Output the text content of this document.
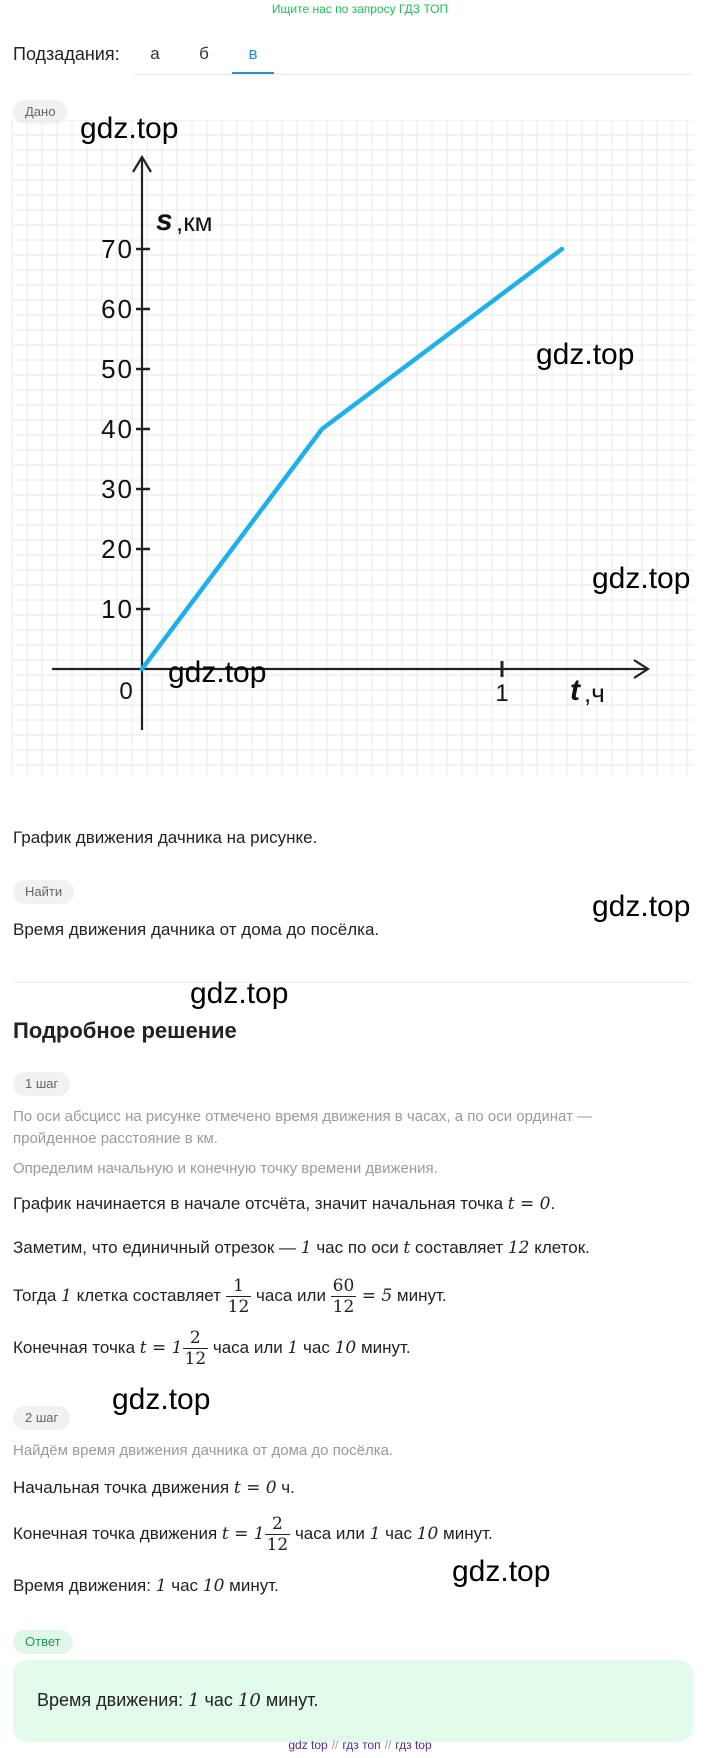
Ищите нас по запросу ГДЗ ТОП
Подзадания:	а	б	в
Дано
10
20
30
40
50
60
70
1
0
s ,км
t ,ч
gdz.top
gdz.top
gdz.top
gdz.top
График движения дачника на рисунке.
Найти	gdz.top
Время движения дачника от дома до посёлка.
gdz.top
Подробное решение
1 шаг
По оси абсцисс на рисунке отмечено время движения в часах, а по оси ординат —
пройденное расстояние в км.
Определим начальную и конечную точку времени движения.
График начинается в начале отсчёта, значит начальная точка t = 0.
Заметим, что единичный отрезок — 1 час по оси t составляет 12 клеток.
Тогда 1 клетка составляет $\frac{1}{12}$ часа или $\frac{60}{12} = 5$ минут.
Конечная точка $t = 1 \frac{2}{12}$ часа или 1 час 10 минут.
gdz.top
2 шаг
Найдём время движения дачника от дома до посёлка.
Начальная точка движения t = 0 ч.
Конечная точка движения $t = 1 \frac{2}{12}$ часа или 1 час 10 минут.
Время движения: 1 час 10 минут.	gdz.top
Ответ
Время движения: 1 час 10 минут.
gdz top // гдз топ // гдз top
